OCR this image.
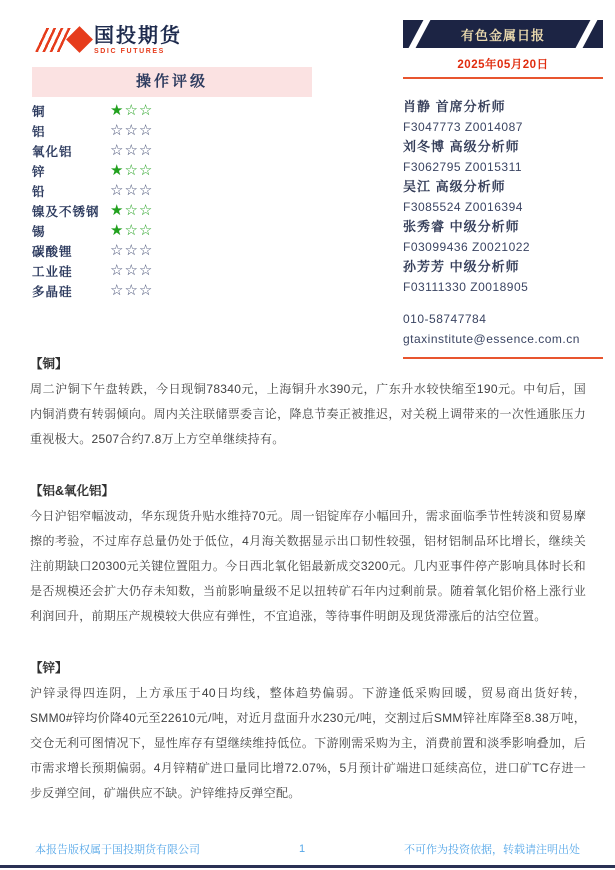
国投期货
SDIC FUTURES
操作评级
铜	★☆☆
铝	☆☆☆
氧化铝	☆☆☆
锌	★☆☆
铅	☆☆☆
镍及不锈钢 ★☆☆
锡	★☆☆
碳酸锂	☆☆☆
工业硅	☆☆☆
多晶硅	☆☆☆
有色金属日报
2025年05月20日
肖静 首席分析师
F3047773 Z0014087
刘冬博 高级分析师
F3062795 Z0015311
吴江 高级分析师
F3085524 Z0016394
张秀睿 中级分析师
F03099436 Z0021022
孙芳芳 中级分析师
F03111330 Z0018905
010-58747784
gtaxinstitute@essence.com.cn
【铜】
周二沪铜下午盘转跌，今日现铜78340元，上海铜升水390元，广东升水较快缩至190元。中旬后，国内铜消费有转弱倾向。周内关注联储票委言论，降息节奏正被推迟，对关税上调带来的一次性通胀压力重视极大。2507合约7.8万上方空单继续持有。
【铝&氧化铝】
今日沪铝窄幅波动，华东现货升贴水维持70元。周一铝锭库存小幅回升，需求面临季节性转淡和贸易摩擦的考验，不过库存总量仍处于低位，4月海关数据显示出口韧性较强，铝材铝制品环比增长，继续关注前期缺口20300元关键位置阻力。今日西北氧化铝最新成交3200元。几内亚事件停产影响具体时长和是否规模还会扩大仍存未知数，当前影响量级不足以扭转矿石年内过剩前景。随着氧化铝价格上涨行业利润回升，前期压产规模较大供应有弹性，不宜追涨，等待事件明朗及现货滞涨后的沽空位置。
【锌】
沪锌录得四连阴，上方承压于40日均线，整体趋势偏弱。下游逢低采购回暖，贸易商出货好转，SMM0#锌均价降40元至22610元/吨，对近月盘面升水230元/吨，交割过后SMM锌社库降至8.38万吨，交仓无利可图情况下，显性库存有望继续维持低位。下游刚需采购为主，消费前置和淡季影响叠加，后市需求增长预期偏弱。4月锌精矿进口量同比增72.07%，5月预计矿端进口延续高位，进口矿TC存进一步反弹空间，矿端供应不缺。沪锌维持反弹空配。
本报告版权属于国投期货有限公司	1	不可作为投资依据，转载请注明出处
